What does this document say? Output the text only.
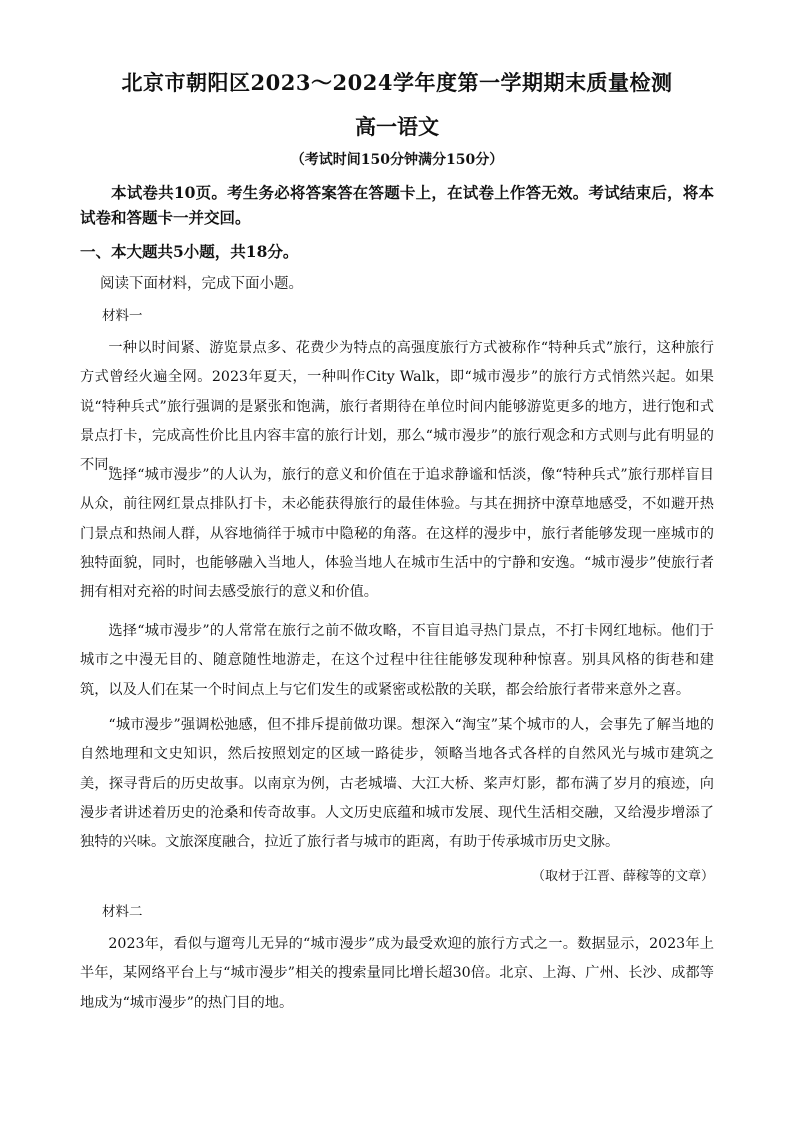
北京市朝阳区2023～2024学年度第一学期期末质量检测
高一语文
（考试时间150分钟满分150分）
本试卷共10页。考生务必将答案答在答题卡上，在试卷上作答无效。考试结束后，将本试卷和答题卡一并交回。
一、本大题共5小题，共18分。
阅读下面材料，完成下面小题。
材料一
一种以时间紧、游览景点多、花费少为特点的高强度旅行方式被称作“特种兵式”旅行，这种旅行方式曾经火遍全网。2023年夏天，一种叫作City Walk，即“城市漫步”的旅行方式悄然兴起。如果说“特种兵式”旅行强调的是紧张和饱满，旅行者期待在单位时间内能够游览更多的地方，进行饱和式景点打卡，完成高性价比且内容丰富的旅行计划，那么“城市漫步”的旅行观念和方式则与此有明显的不同。
选择“城市漫步”的人认为，旅行的意义和价值在于追求静谧和恬淡，像“特种兵式”旅行那样盲目从众，前往网红景点排队打卡，未必能获得旅行的最佳体验。与其在拥挤中潦草地感受，不如避开热门景点和热闹人群，从容地徜徉于城市中隐秘的角落。在这样的漫步中，旅行者能够发现一座城市的独特面貌，同时，也能够融入当地人，体验当地人在城市生活中的宁静和安逸。“城市漫步”使旅行者拥有相对充裕的时间去感受旅行的意义和价值。
选择“城市漫步”的人常常在旅行之前不做攻略，不盲目追寻热门景点，不打卡网红地标。他们于城市之中漫无目的、随意随性地游走，在这个过程中往往能够发现种种惊喜。别具风格的街巷和建筑，以及人们在某一个时间点上与它们发生的或紧密或松散的关联，都会给旅行者带来意外之喜。
“城市漫步”强调松弛感，但不排斥提前做功课。想深入“淘宝”某个城市的人，会事先了解当地的自然地理和文史知识，然后按照划定的区域一路徒步，领略当地各式各样的自然风光与城市建筑之美，探寻背后的历史故事。以南京为例，古老城墙、大江大桥、桨声灯影，都布满了岁月的痕迹，向漫步者讲述着历史的沧桑和传奇故事。人文历史底蕴和城市发展、现代生活相交融，又给漫步增添了独特的兴味。文旅深度融合，拉近了旅行者与城市的距离，有助于传承城市历史文脉。
（取材于江晋、薛稼等的文章）
材料二
2023年，看似与遛弯儿无异的“城市漫步”成为最受欢迎的旅行方式之一。数据显示，2023年上半年，某网络平台上与“城市漫步”相关的搜索量同比增长超30倍。北京、上海、广州、长沙、成都等地成为“城市漫步”的热门目的地。
